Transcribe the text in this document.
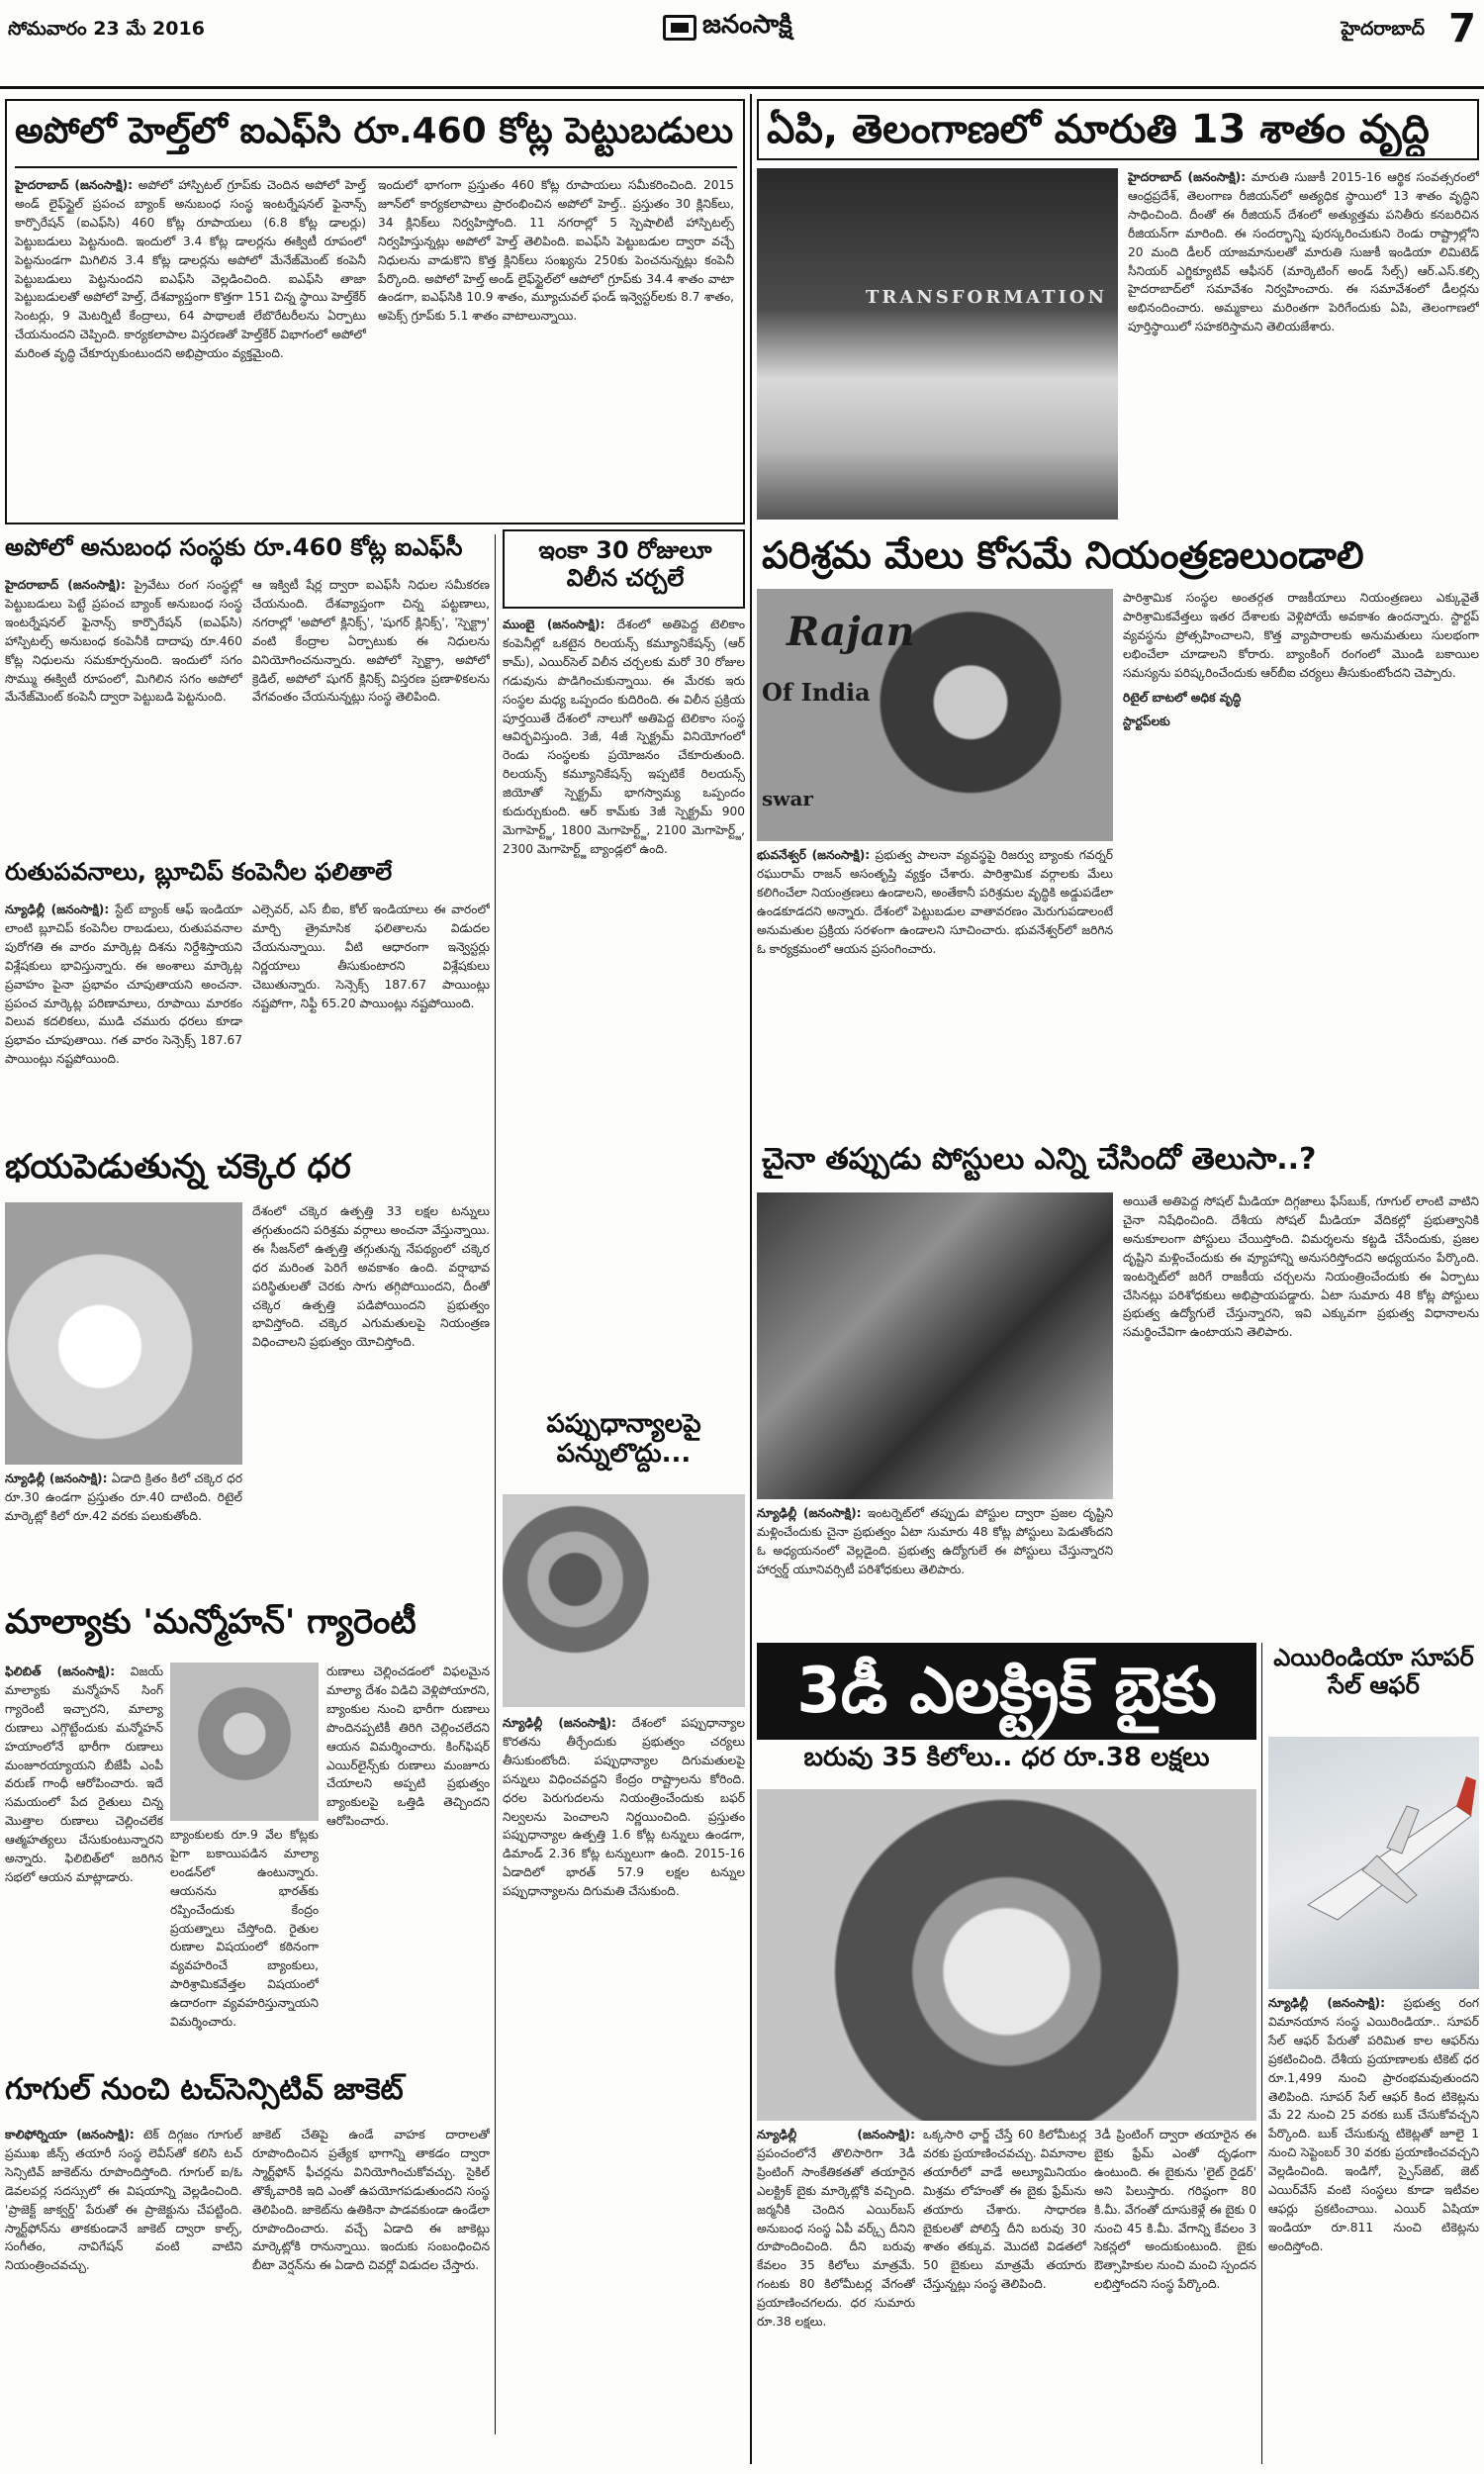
సోమవారం 23 మే 2016	జనంసాక్షి	హైదరాబాద్ 7
అపోలో హెల్త్‌లో ఐఎఫ్‌సి రూ.460 కోట్ల పెట్టుబడులు
హైదరాబాద్‌ (జనంసాక్షి): అపోలో హాస్పిటల్‌ గ్రూప్‌కు చెందిన అపోలో హెల్త్‌ అండ్‌ లైఫ్‌స్టైల్‌ ప్రపంచ బ్యాంక్‌ అనుబంధ సంస్థ ఇంటర్నేషనల్‌ ఫైనాన్స్‌ కార్పొరేషన్‌ (ఐఎఫ్‌సి) 460 కోట్ల రూపాయలు (6.8 కోట్ల డాలర్లు) పెట్టుబడులు పెట్టనుంది. ఇందులో 3.4 కోట్ల డాలర్లను ఈక్విటీ రూపంలో పెట్టనుండగా మిగిలిన 3.4 కోట్ల డాలర్లను అపోలో మేనేజ్‌మెంట్‌ కంపెనీ పెట్టుబడులు పెట్టనుందని ఐఎఫ్‌సి వెల్లడించింది. ఐఎఫ్‌సి తాజా పెట్టుబడులతో అపోలో హెల్త్‌, దేశవ్యాప్తంగా కొత్తగా 151 చిన్న స్థాయి హెల్త్‌కేర్‌ సెంటర్లు, 9 మెటర్నిటీ కేంద్రాలు, 64 పాథాలజీ లేబొరేటరీలను ఏర్పాటు చేయనుందని చెప్పింది. కార్యకలాపాల విస్తరణతో హెల్త్‌కేర్‌ విభాగంలో అపోలో మరింత వృద్ధి చేకూర్చుకుంటుందని అభిప్రాయం వ్యక్తమైంది.
ఇందులో భాగంగా ప్రస్తుతం 460 కోట్ల రూపాయలు సమీకరించింది. 2015 జూన్‌లో కార్యకలాపాలు ప్రారంభించిన అపోలో హెల్త్‌.. ప్రస్తుతం 30 క్లినిక్‌లు, 34 క్లినిక్‌లు నిర్వహిస్తోంది. 11 నగరాల్లో 5 స్పెషాలిటీ హాస్పిటల్స్‌ నిర్వహిస్తున్నట్లు అపోలో హెల్త్‌ తెలిపింది. ఐఎఫ్‌సి పెట్టుబడుల ద్వారా వచ్చే నిధులను వాడుకొని కొత్త క్లినిక్‌లు సంఖ్యను 250కు పెంచనున్నట్లు కంపెనీ పేర్కొంది. అపోలో హెల్త్‌ అండ్‌ లైఫ్‌స్టైల్‌లో ఆపోలో గ్రూప్‌కు 34.4 శాతం వాటా ఉండగా, ఐఎఫ్‌సికి 10.9 శాతం, మ్యూచువల్‌ ఫండ్‌ ఇన్వెస్టర్‌లకు 8.7 శాతం, అపెక్స్‌ గ్రూప్‌కు 5.1 శాతం వాటాలున్నాయి.
ఏపి, తెలంగాణలో మారుతి 13 శాతం వృద్ధి
TRANSFORMATION
హైదరాబాద్‌ (జనంసాక్షి): మారుతి సుజుకీ 2015-16 ఆర్థిక సంవత్సరంలో ఆంధ్రప్రదేశ్‌, తెలంగాణ రీజియన్‌లో అత్యధిక స్థాయిలో 13 శాతం వృద్ధిని సాధించింది. దీంతో ఈ రీజియన్‌ దేశంలో అత్యుత్తమ పనితీరు కనబరిచిన రీజియన్‌గా మారింది. ఈ సందర్భాన్ని పురస్కరించుకుని రెండు రాష్ట్రాల్లోని 20 మంది డీలర్‌ యాజమానులతో మారుతి సుజుకీ ఇండియా లిమిటెడ్‌ సీనియర్‌ ఎగ్జిక్యూటివ్‌ ఆఫీసర్‌ (మార్కెటింగ్‌ అండ్‌ సేల్స్‌) ఆర్‌.ఎస్‌.కల్సి హైదరాబాద్‌లో సమావేశం నిర్వహించారు. ఈ సమావేశంలో డీలర్లను అభినందించారు. అమ్మకాలు మరింతగా పెరిగేందుకు ఏపి, తెలంగాణలో పూర్తిస్థాయిలో సహకరిస్తామని తెలియజేశారు.
అపోలో అనుబంధ సంస్థకు రూ.460 కోట్ల ఐఎఫ్‌సీ
హైదరాబాద్‌ (జనంసాక్షి): ప్రైవేటు రంగ సంస్థల్లో పెట్టుబడులు పెట్టే ప్రపంచ బ్యాంక్‌ అనుబంధ సంస్థ ఇంటర్నేషనల్‌ ఫైనాన్స్‌ కార్పొరేషన్‌ (ఐఎఫ్‌సి) హాస్పిటల్స్‌ అనుబంధ కంపెనీకి దాదాపు రూ.460 కోట్ల నిధులను సమకూర్చనుంది. ఇందులో సగం సొమ్ము ఈక్విటీ రూపంలో, మిగిలిన సగం అపోలో మేనేజ్‌మెంట్‌ కంపెనీ ద్వారా పెట్టుబడి పెట్టనుంది.
ఆ ఇక్విటీ షేర్ల ద్వారా ఐఎఫ్‌సీ నిధుల సమీకరణ చేయనుంది. దేశవ్యాప్తంగా చిన్న పట్టణాలు, నగరాల్లో 'అపోలో క్లినిక్స్‌', 'షుగర్‌ క్లినిక్స్‌', 'స్పెక్ట్రా' వంటి కేంద్రాల ఏర్పాటుకు ఈ నిధులను వినియోగించనున్నారు. అపోలో స్పెక్ట్రా, అపోలో క్రెడిల్‌, అపోలో షుగర్‌ క్లినిక్స్‌ విస్తరణ ప్రణాళికలను వేగవంతం చేయనున్నట్లు సంస్థ తెలిపింది.
ఇంకా 30 రోజులూ విలీన చర్చలే
ముంబై (జనంసాక్షి): దేశంలో అతిపెద్ద టెలికాం కంపెనీల్లో ఒకటైన రిలయన్స్‌ కమ్యూనికేషన్స్‌ (ఆర్‌ కామ్‌), ఎయిర్‌సెల్‌ విలీన చర్చలకు మరో 30 రోజుల గడువును పొడిగించుకున్నాయి. ఈ మేరకు ఇరు సంస్థల మధ్య ఒప్పందం కుదిరింది. ఈ విలీన ప్రక్రియ పూర్తయితే దేశంలో నాలుగో అతిపెద్ద టెలికాం సంస్థ ఆవిర్భవిస్తుంది. 3జీ, 4జీ స్పెక్ట్రమ్‌ వినియోగంలో రెండు సంస్థలకు ప్రయోజనం చేకూరుతుంది. రిలయన్స్‌ కమ్యూనికేషన్స్‌ ఇప్పటికే రిలయన్స్‌ జియోతో స్పెక్ట్రమ్‌ భాగస్వామ్య ఒప్పందం కుదుర్చుకుంది. ఆర్‌ కామ్‌కు 3జీ స్పెక్ట్రమ్‌ 900 మెగాహెర్ట్జ్‌, 1800 మెగాహెర్ట్జ్‌, 2100 మెగాహెర్ట్జ్‌, 2300 మెగాహెర్ట్జ్‌ బ్యాండ్లలో ఉంది.
రుతుపవనాలు, బ్లూచిప్‌ కంపెనీల ఫలితాలే
న్యూఢిల్లీ (జనంసాక్షి): స్టేట్‌ బ్యాంక్‌ ఆఫ్‌ ఇండియా లాంటి బ్లూచిప్‌ కంపెనీల రాబడులు, రుతుపవనాల పురోగతి ఈ వారం మార్కెట్ల దిశను నిర్దేశిస్తాయని విశ్లేషకులు భావిస్తున్నారు. ఈ అంశాలు మార్కెట్ల ప్రవాహం పైనా ప్రభావం చూపుతాయని అంచనా. ప్రపంచ మార్కెట్ల పరిణామాలు, రూపాయి మారకం విలువ కదలికలు, ముడి చమురు ధరలు కూడా ప్రభావం చూపుతాయి. గత వారం సెన్సెక్స్‌ 187.67 పాయింట్లు నష్టపోయింది.
ఎల్సెవర్‌, ఎస్‌ బీఐ, కోల్‌ ఇండియాలు ఈ వారంలో మార్చి త్రైమాసిక ఫలితాలను విడుదల చేయనున్నాయి. వీటి ఆధారంగా ఇన్వెస్టర్లు నిర్ణయాలు తీసుకుంటారని విశ్లేషకులు చెబుతున్నారు. సెన్సెక్స్‌ 187.67 పాయింట్లు నష్టపోగా, నిఫ్టీ 65.20 పాయింట్లు నష్టపోయింది.
భయపెడుతున్న చక్కెర ధర
న్యూఢిల్లీ (జనంసాక్షి): ఏడాది క్రితం కిలో చక్కెర ధర రూ.30 ఉండగా ప్రస్తుతం రూ.40 దాటింది. రిటైల్‌ మార్కెట్లో కిలో రూ.42 వరకు పలుకుతోంది.
దేశంలో చక్కెర ఉత్పత్తి 33 లక్షల టన్నులు తగ్గుతుందని పరిశ్రమ వర్గాలు అంచనా వేస్తున్నాయి. ఈ సీజన్‌లో ఉత్పత్తి తగ్గుతున్న నేపథ్యంలో చక్కెర ధర మరింత పెరిగే అవకాశం ఉంది. వర్షాభావ పరిస్థితులతో చెరకు సాగు తగ్గిపోయిందని, దీంతో చక్కెర ఉత్పత్తి పడిపోయిందని ప్రభుత్వం భావిస్తోంది. చక్కెర ఎగుమతులపై నియంత్రణ విధించాలని ప్రభుత్వం యోచిస్తోంది.
మాల్యాకు 'మన్మోహన్‌' గ్యారెంటీ
ఫిలిబిత్‌ (జనంసాక్షి): విజయ్‌ మాల్యాకు మన్మోహన్‌ సింగ్‌ గ్యారెంటీ ఇచ్చారని, మాల్యా రుణాలు ఎగ్గొట్టేందుకు మన్మోహన్‌ హయాంలోనే భారీగా రుణాలు మంజూరయ్యాయని బీజేపీ ఎంపీ వరుణ్‌ గాంధీ ఆరోపించారు. ఇదే సమయంలో పేద రైతులు చిన్న మొత్తాల రుణాలు చెల్లించలేక ఆత్మహత్యలు చేసుకుంటున్నారని అన్నారు. ఫిలిబిత్‌లో జరిగిన సభలో ఆయన మాట్లాడారు.
బ్యాంకులకు రూ.9 వేల కోట్లకు పైగా బకాయిపడిన మాల్యా లండన్‌లో ఉంటున్నారు. ఆయనను భారత్‌కు రప్పించేందుకు కేంద్రం ప్రయత్నాలు చేస్తోంది. రైతుల రుణాల విషయంలో కఠినంగా వ్యవహరించే బ్యాంకులు, పారిశ్రామికవేత్తల విషయంలో ఉదారంగా వ్యవహరిస్తున్నాయని విమర్శించారు.
రుణాలు చెల్లించడంలో విఫలమైన మాల్యా దేశం విడిచి వెళ్లిపోయారని, బ్యాంకుల నుంచి భారీగా రుణాలు పొందినప్పటికీ తిరిగి చెల్లించలేదని ఆయన విమర్శించారు. కింగ్‌ఫిషర్‌ ఎయిర్‌లైన్స్‌కు రుణాలు మంజూరు చేయాలని అప్పటి ప్రభుత్వం బ్యాంకులపై ఒత్తిడి తెచ్చిందని ఆరోపించారు.
గూగుల్‌ నుంచి టచ్‌సెన్సిటివ్‌ జాకెట్‌
కాలిఫోర్నియా (జనంసాక్షి): టెక్‌ దిగ్గజం గూగుల్‌ ప్రముఖ జీన్స్‌ తయారీ సంస్థ లెవీస్‌తో కలిసి టచ్‌ సెన్సిటివ్‌ జాకెట్‌ను రూపొందిస్తోంది. గూగుల్‌ ఐ/ఓ డెవలపర్ల సదస్సులో ఈ విషయాన్ని వెల్లడించింది. 'ప్రాజెక్ట్‌ జాక్వర్డ్‌' పేరుతో ఈ ప్రాజెక్టును చేపట్టింది. స్మార్ట్‌ఫోన్‌ను తాకకుండానే జాకెట్‌ ద్వారా కాల్స్‌, సంగీతం, నావిగేషన్‌ వంటి వాటిని నియంత్రించవచ్చు.
జాకెట్‌ చేతిపై ఉండే వాహక దారాలతో రూపొందించిన ప్రత్యేక భాగాన్ని తాకడం ద్వారా స్మార్ట్‌ఫోన్‌ ఫీచర్లను వినియోగించుకోవచ్చు. సైకిల్‌ తొక్కేవారికి ఇది ఎంతో ఉపయోగపడుతుందని సంస్థ తెలిపింది. జాకెట్‌ను ఉతికినా పాడవకుండా ఉండేలా రూపొందించారు. వచ్చే ఏడాది ఈ జాకెట్లు మార్కెట్లోకి రానున్నాయి. ఇందుకు సంబంధించిన బీటా వెర్షన్‌ను ఈ ఏడాది చివర్లో విడుదల చేస్తారు.
పప్పుధాన్యాలపై పన్నులొద్దు...
న్యూఢిల్లీ (జనంసాక్షి): దేశంలో పప్పుధాన్యాల కొరతను తీర్చేందుకు ప్రభుత్వం చర్యలు తీసుకుంటోంది. పప్పుధాన్యాల దిగుమతులపై పన్నులు విధించవద్దని కేంద్రం రాష్ట్రాలను కోరింది. ధరల పెరుగుదలను నియంత్రించేందుకు బఫర్‌ నిల్వలను పెంచాలని నిర్ణయించింది. ప్రస్తుతం పప్పుధాన్యాల ఉత్పత్తి 1.6 కోట్ల టన్నులు ఉండగా, డిమాండ్‌ 2.36 కోట్ల టన్నులుగా ఉంది. 2015-16 ఏడాదిలో భారత్‌ 57.9 లక్షల టన్నుల పప్పుధాన్యాలను దిగుమతి చేసుకుంది.
పరిశ్రమ మేలు కోసమే నియంత్రణలుండాలి
Rajan
Of India
swar
భువనేశ్వర్‌ (జనంసాక్షి): ప్రభుత్వ పాలనా వ్యవస్థపై రిజర్వు బ్యాంకు గవర్నర్‌ రఘురామ్‌ రాజన్‌ అసంతృప్తి వ్యక్తం చేశారు. పారిశ్రామిక వర్గాలకు మేలు కలిగించేలా నియంత్రణలు ఉండాలని, అంతేకానీ పరిశ్రమల వృద్ధికి అడ్డుపడేలా ఉండకూడదని అన్నారు. దేశంలో పెట్టుబడుల వాతావరణం మెరుగుపడాలంటే అనుమతుల ప్రక్రియ సరళంగా ఉండాలని సూచించారు. భువనేశ్వర్‌లో జరిగిన ఓ కార్యక్రమంలో ఆయన ప్రసంగించారు.
పారిశ్రామిక సంస్థల అంతర్గత రాజకీయాలు నియంత్రణలు ఎక్కువైతే పారిశ్రామికవేత్తలు ఇతర దేశాలకు వెళ్లిపోయే అవకాశం ఉందన్నారు. స్టార్టప్‌ వ్యవస్థను ప్రోత్సహించాలని, కొత్త వ్యాపారాలకు అనుమతులు సులభంగా లభించేలా చూడాలని కోరారు. బ్యాంకింగ్‌ రంగంలో మొండి బకాయిల సమస్యను పరిష్కరించేందుకు ఆర్‌బీఐ చర్యలు తీసుకుంటోందని చెప్పారు.
రిటైల్‌ బాటలో అధిక వృద్ధి
స్టార్టప్‌లకు
చైనా తప్పుడు పోస్టులు ఎన్ని చేసిందో తెలుసా..?
న్యూఢిల్లీ (జనంసాక్షి): ఇంటర్నెట్‌లో తప్పుడు పోస్టుల ద్వారా ప్రజల దృష్టిని మళ్లించేందుకు చైనా ప్రభుత్వం ఏటా సుమారు 48 కోట్ల పోస్టులు పెడుతోందని ఓ అధ్యయనంలో వెల్లడైంది. ప్రభుత్వ ఉద్యోగులే ఈ పోస్టులు చేస్తున్నారని హార్వర్డ్‌ యూనివర్సిటీ పరిశోధకులు తెలిపారు.
అయితే అతిపెద్ద సోషల్‌ మీడియా దిగ్గజాలు ఫేస్‌బుక్‌, గూగుల్‌ లాంటి వాటిని చైనా నిషేధించింది. దేశీయ సోషల్‌ మీడియా వేదికల్లో ప్రభుత్వానికి అనుకూలంగా పోస్టులు చేయిస్తోంది. విమర్శలను కట్టడి చేసేందుకు, ప్రజల దృష్టిని మళ్లించేందుకు ఈ వ్యూహాన్ని అనుసరిస్తోందని అధ్యయనం పేర్కొంది. ఇంటర్నెట్‌లో జరిగే రాజకీయ చర్చలను నియంత్రించేందుకు ఈ ఏర్పాటు చేసినట్లు పరిశోధకులు అభిప్రాయపడ్డారు. ఏటా సుమారు 48 కోట్ల పోస్టులు ప్రభుత్వ ఉద్యోగులే చేస్తున్నారని, ఇవి ఎక్కువగా ప్రభుత్వ విధానాలను సమర్థించేవిగా ఉంటాయని తెలిపారు.
3డీ ఎలక్ట్రిక్‌ బైకు
బరువు 35 కిలోలు.. ధర రూ.38 లక్షలు
న్యూఢిల్లీ (జనంసాక్షి): ప్రపంచంలోనే తొలిసారిగా 3డీ ప్రింటింగ్‌ సాంకేతికతతో తయారైన ఎలక్ట్రిక్‌ బైకు మార్కెట్లోకి వచ్చింది. జర్మనీకి చెందిన ఎయిర్‌బస్‌ అనుబంధ సంస్థ ఏపీ వర్క్స్‌ దీనిని రూపొందించింది. దీని బరువు కేవలం 35 కిలోలు మాత్రమే. గంటకు 80 కిలోమీటర్ల వేగంతో ప్రయాణించగలదు. ధర సుమారు రూ.38 లక్షలు.
ఒక్కసారి ఛార్జ్‌ చేస్తే 60 కిలోమీటర్ల వరకు ప్రయాణించవచ్చు. విమానాల తయారీలో వాడే అల్యూమినియం మిశ్రమ లోహంతో ఈ బైకు ఫ్రేమ్‌ను తయారు చేశారు. సాధారణ బైకులతో పోలిస్తే దీని బరువు 30 శాతం తక్కువ. మొదటి విడతలో 50 బైకులు మాత్రమే తయారు చేస్తున్నట్లు సంస్థ తెలిపింది.
3డీ ప్రింటింగ్‌ ద్వారా తయారైన ఈ బైకు ఫ్రేమ్‌ ఎంతో దృఢంగా ఉంటుంది. ఈ బైకును 'లైట్‌ రైడర్‌' అని పిలుస్తారు. గరిష్ఠంగా 80 కి.మీ. వేగంతో దూసుకెళ్లే ఈ బైకు 0 నుంచి 45 కి.మీ. వేగాన్ని కేవలం 3 సెకన్లలో అందుకుంటుంది. బైకు ఔత్సాహికుల నుంచి మంచి స్పందన లభిస్తోందని సంస్థ పేర్కొంది.
ఎయిరిండియా సూపర్‌ సేల్‌ ఆఫర్‌
న్యూఢిల్లీ (జనంసాక్షి): ప్రభుత్వ రంగ విమానయాన సంస్థ ఎయిరిండియా.. సూపర్‌ సేల్‌ ఆఫర్‌ పేరుతో పరిమిత కాల ఆఫర్‌ను ప్రకటించింది. దేశీయ ప్రయాణాలకు టికెట్‌ ధర రూ.1,499 నుంచి ప్రారంభమవుతుందని తెలిపింది. సూపర్‌ సేల్‌ ఆఫర్‌ కింద టికెట్లను మే 22 నుంచి 25 వరకు బుక్‌ చేసుకోవచ్చని పేర్కొంది. బుక్‌ చేసుకున్న టికెట్లతో జూలై 1 నుంచి సెప్టెంబర్‌ 30 వరకు ప్రయాణించవచ్చని వెల్లడించింది. ఇండిగో, స్పైస్‌జెట్‌, జెట్‌ ఎయిర్‌వేస్‌ వంటి సంస్థలు కూడా ఇటీవల ఆఫర్లు ప్రకటించాయి. ఎయిర్‌ ఏషియా ఇండియా రూ.811 నుంచి టికెట్లను అందిస్తోంది.
